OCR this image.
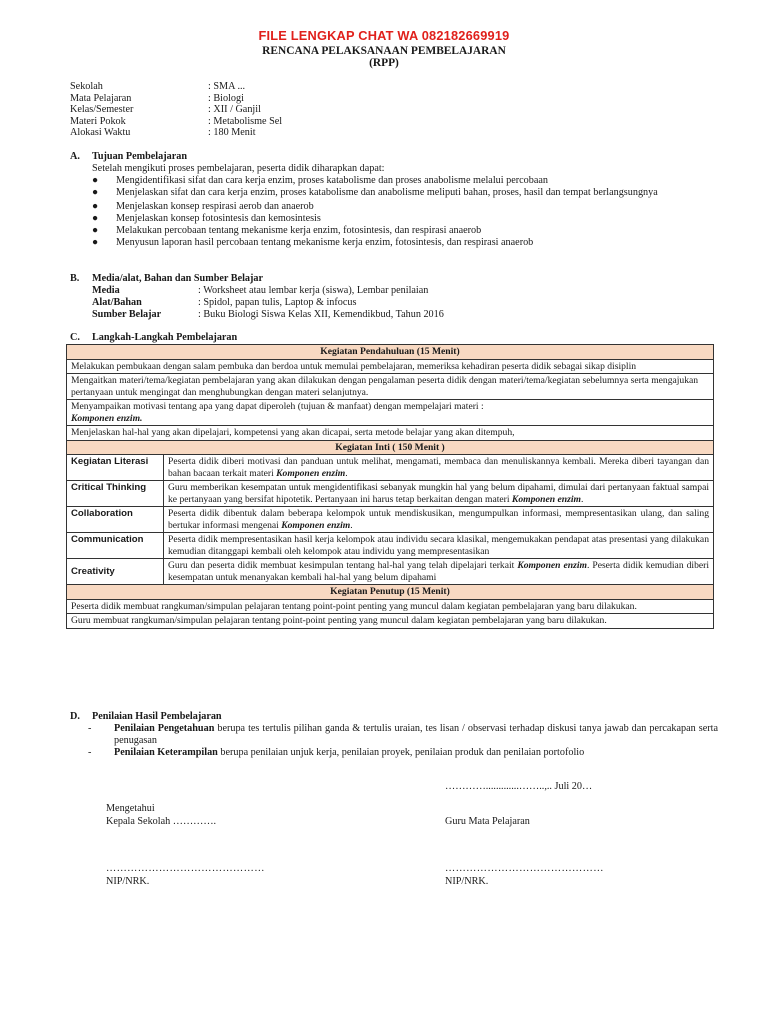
FILE LENGKAP CHAT WA 082182669919
RENCANA PELAKSANAAN PEMBELAJARAN
(RPP)
Sekolah	: SMA ...
Mata Pelajaran	: Biologi
Kelas/Semester	: XII / Ganjil
Materi Pokok	: Metabolisme Sel
Alokasi Waktu	: 180 Menit
A. Tujuan Pembelajaran
Setelah mengikuti proses pembelajaran, peserta didik diharapkan dapat:
● Mengidentifikasi sifat dan cara kerja enzim, proses katabolisme dan proses anabolisme melalui percobaan
● Menjelaskan sifat dan cara kerja enzim, proses katabolisme dan anabolisme meliputi bahan, proses, hasil dan tempat berlangsungnya
● Menjelaskan konsep respirasi aerob dan anaerob
● Menjelaskan konsep fotosintesis dan kemosintesis
● Melakukan percobaan tentang mekanisme kerja enzim, fotosintesis, dan respirasi anaerob
● Menyusun laporan hasil percobaan tentang mekanisme kerja enzim, fotosintesis, dan respirasi anaerob
B. Media/alat, Bahan dan Sumber Belajar
Media	: Worksheet atau lembar kerja (siswa), Lembar penilaian
Alat/Bahan	: Spidol, papan tulis, Laptop & infocus
Sumber Belajar	: Buku Biologi Siswa Kelas XII, Kemendikbud, Tahun 2016
C. Langkah-Langkah Pembelajaran
Kegiatan Pendahuluan (15 Menit)	
Melakukan pembukaan dengan salam pembuka dan berdoa untuk memulai pembelajaran, memeriksa kehadiran peserta didik sebagai sikap disiplin	
Mengaitkan materi/tema/kegiatan pembelajaran yang akan dilakukan dengan pengalaman peserta didik dengan materi/tema/kegiatan sebelumnya serta mengajukan pertanyaan untuk mengingat dan menghubungkan dengan materi selanjutnya.	
Menyampaikan motivasi tentang apa yang dapat diperoleh (tujuan & manfaat) dengan mempelajari materi :
Komponen enzim.	
Menjelaskan hal-hal yang akan dipelajari, kompetensi yang akan dicapai, serta metode belajar yang akan ditempuh,	
Kegiatan Inti ( 150 Menit )	
Kegiatan Literasi	Peserta didik diberi motivasi dan panduan untuk melihat, mengamati, membaca dan menuliskannya kembali. Mereka diberi tayangan dan bahan bacaan terkait materi Komponen enzim.
Critical Thinking	Guru memberikan kesempatan untuk mengidentifikasi sebanyak mungkin hal yang belum dipahami, dimulai dari pertanyaan faktual sampai ke pertanyaan yang bersifat hipotetik. Pertanyaan ini harus tetap berkaitan dengan materi Komponen enzim.
Collaboration	Peserta didik dibentuk dalam beberapa kelompok untuk mendiskusikan, mengumpulkan informasi, mempresentasikan ulang, dan saling bertukar informasi mengenai Komponen enzim.
Communication	Peserta didik mempresentasikan hasil kerja kelompok atau individu secara klasikal, mengemukakan pendapat atas presentasi yang dilakukan kemudian ditanggapi kembali oleh kelompok atau individu yang mempresentasikan
Creativity	Guru dan peserta didik membuat kesimpulan tentang hal-hal yang telah dipelajari terkait Komponen enzim. Peserta didik kemudian diberi kesempatan untuk menanyakan kembali hal-hal yang belum dipahami
Kegiatan Penutup (15 Menit)	
Peserta didik membuat rangkuman/simpulan pelajaran tentang point-point penting yang muncul dalam kegiatan pembelajaran yang baru dilakukan.	
Guru membuat rangkuman/simpulan pelajaran tentang point-point penting yang muncul dalam kegiatan pembelajaran yang baru dilakukan.	
D. Penilaian Hasil Pembelajaran
- Penilaian Pengetahuan berupa tes tertulis pilihan ganda & tertulis uraian, tes lisan / observasi terhadap diskusi tanya jawab dan percakapan serta penugasan
- Penilaian Keterampilan berupa penilaian unjuk kerja, penilaian proyek, penilaian produk dan penilaian portofolio
………….............……..,.. Juli 20…
Mengetahui
Kepala Sekolah ………….	Guru Mata Pelajaran
………………………………………
NIP/NRK.
………………………………………
NIP/NRK.
